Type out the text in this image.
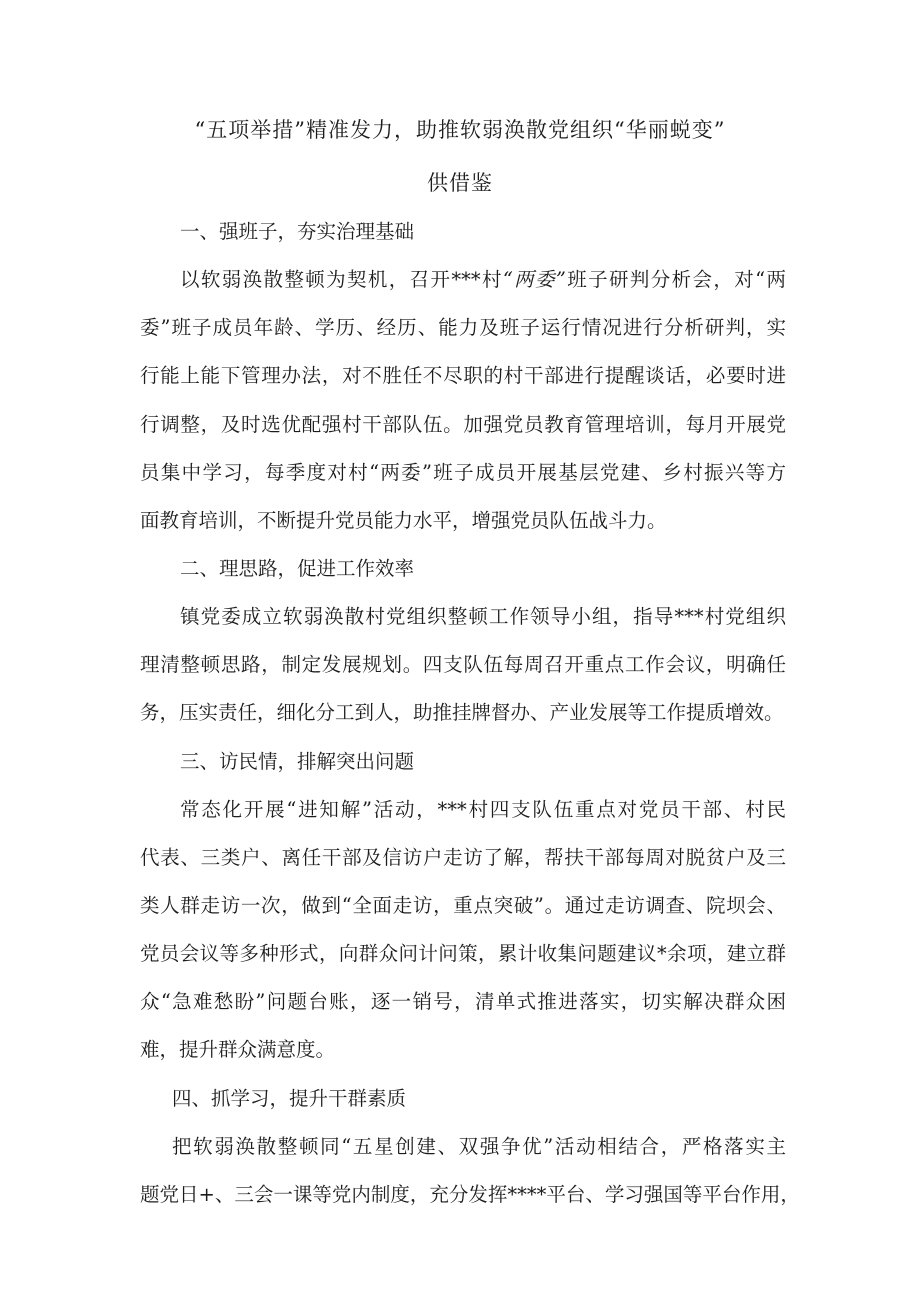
“五项举措”精准发力，助推软弱涣散党组织“华丽蜕变”
供借鉴
一、强班子，夯实治理基础
以软弱涣散整顿为契机，召开***村“两委”班子研判分析会，对“两
委”班子成员年龄、学历、经历、能力及班子运行情况进行分析研判，实
行能上能下管理办法，对不胜任不尽职的村干部进行提醒谈话，必要时进
行调整，及时选优配强村干部队伍。加强党员教育管理培训，每月开展党
员集中学习，每季度对村“两委”班子成员开展基层党建、乡村振兴等方
面教育培训，不断提升党员能力水平，增强党员队伍战斗力。
二、理思路，促进工作效率
镇党委成立软弱涣散村党组织整顿工作领导小组，指导***村党组织
理清整顿思路，制定发展规划。四支队伍每周召开重点工作会议，明确任
务，压实责任，细化分工到人，助推挂牌督办、产业发展等工作提质增效。
三、访民情，排解突出问题
常态化开展“进知解”活动，***村四支队伍重点对党员干部、村民
代表、三类户、离任干部及信访户走访了解，帮扶干部每周对脱贫户及三
类人群走访一次，做到“全面走访，重点突破”。通过走访调查、院坝会、
党员会议等多种形式，向群众问计问策，累计收集问题建议*余项，建立群
众“急难愁盼”问题台账，逐一销号，清单式推进落实，切实解决群众困
难，提升群众满意度。
四、抓学习，提升干群素质
把软弱涣散整顿同“五星创建、双强争优”活动相结合，严格落实主
题党日+、三会一课等党内制度，充分发挥****平台、学习强国等平台作用，
